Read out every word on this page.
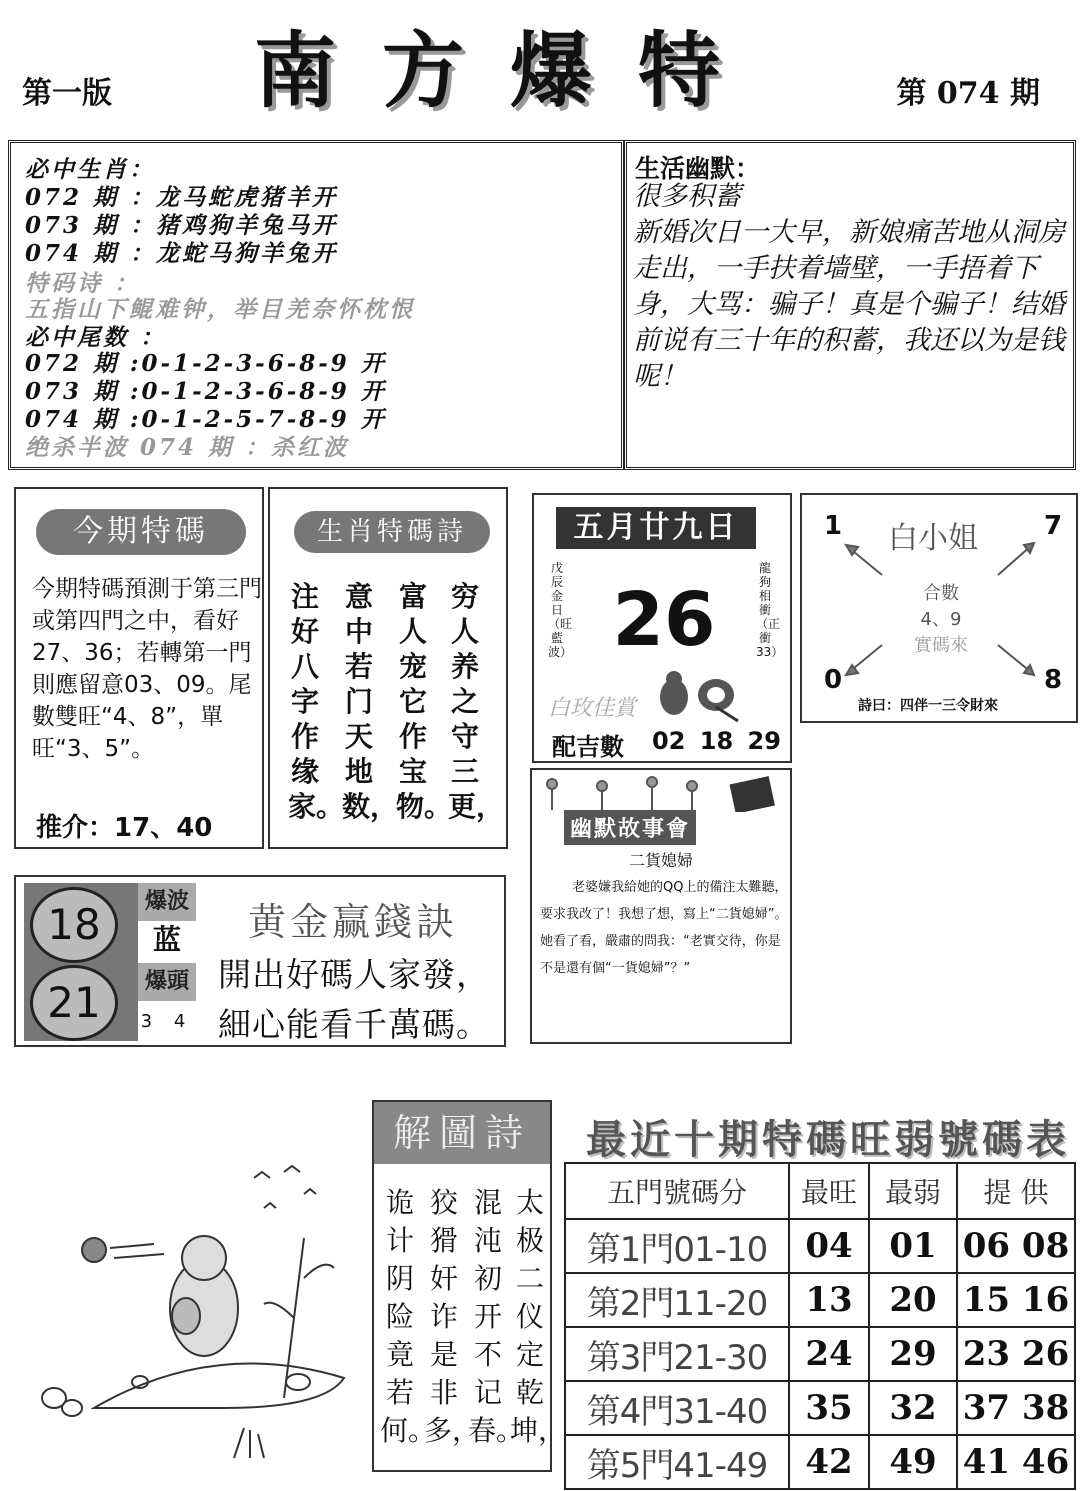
第一版	南方爆特	第 074 期
必中生肖：
072 期 ：龙马蛇虎猪羊开
073 期 ：猪鸡狗羊兔马开
074 期 ：龙蛇马狗羊兔开
特码诗 ：
五指山下鲲难钟，举目羌奈怀枕恨
必中尾数 ：
072 期 :0-1-2-3-6-8-9 开
073 期 :0-1-2-3-6-8-9 开
074 期 :0-1-2-5-7-8-9 开
绝杀半波 074 期 ：杀红波
生活幽默：
很多积蓄
新婚次日一大早，新娘痛苦地从洞房走出，一手扶着墙壁，一手捂着下身，大骂：骗子！真是个骗子！结婚前说有三十年的积蓄，我还以为是钱呢！
今期特碼
今期特碼預測于第三門或第四門之中，看好27、36；若轉第一門則應留意03、09。尾數雙旺“4、8”，單旺“3、5”。
推介：17、40
生肖特碼詩
穷人养之守三更，
富人宠它作宝物。
意中若门天地数，
注好八字作缘家。
五月廿九日
戊辰金日（旺藍波）
龍狗相衝（正衝33）
26
白玫佳賞
配吉數 02 18 29
白小姐
1	7
0	8
合數
4、9
實碼來
詩曰：四伴一三令財來
幽默故事會
二貨媳婦
老婆嫌我給她的QQ上的備注太難聽，要求我改了！我想了想，寫上“二貨媳婦”。她看了看，嚴肅的問我：“老實交待，你是不是還有個“一貨媳婦”？”
18	爆波
蓝
21	爆頭
3 4
黄金赢錢訣
開出好碼人家發，
細心能看千萬碼。
解圖詩
太极二仪定乾坤，
混沌初开不记春。
狡猾奸诈是非多，
诡计阴险竟若何。
最近十期特碼旺弱號碼表
五門號碼分	最旺	最弱	提 供
第1門01-10	04	01	06 08
第2門11-20	13	20	15 16
第3門21-30	24	29	23 26
第4門31-40	35	32	37 38
第5門41-49	42	49	41 46
